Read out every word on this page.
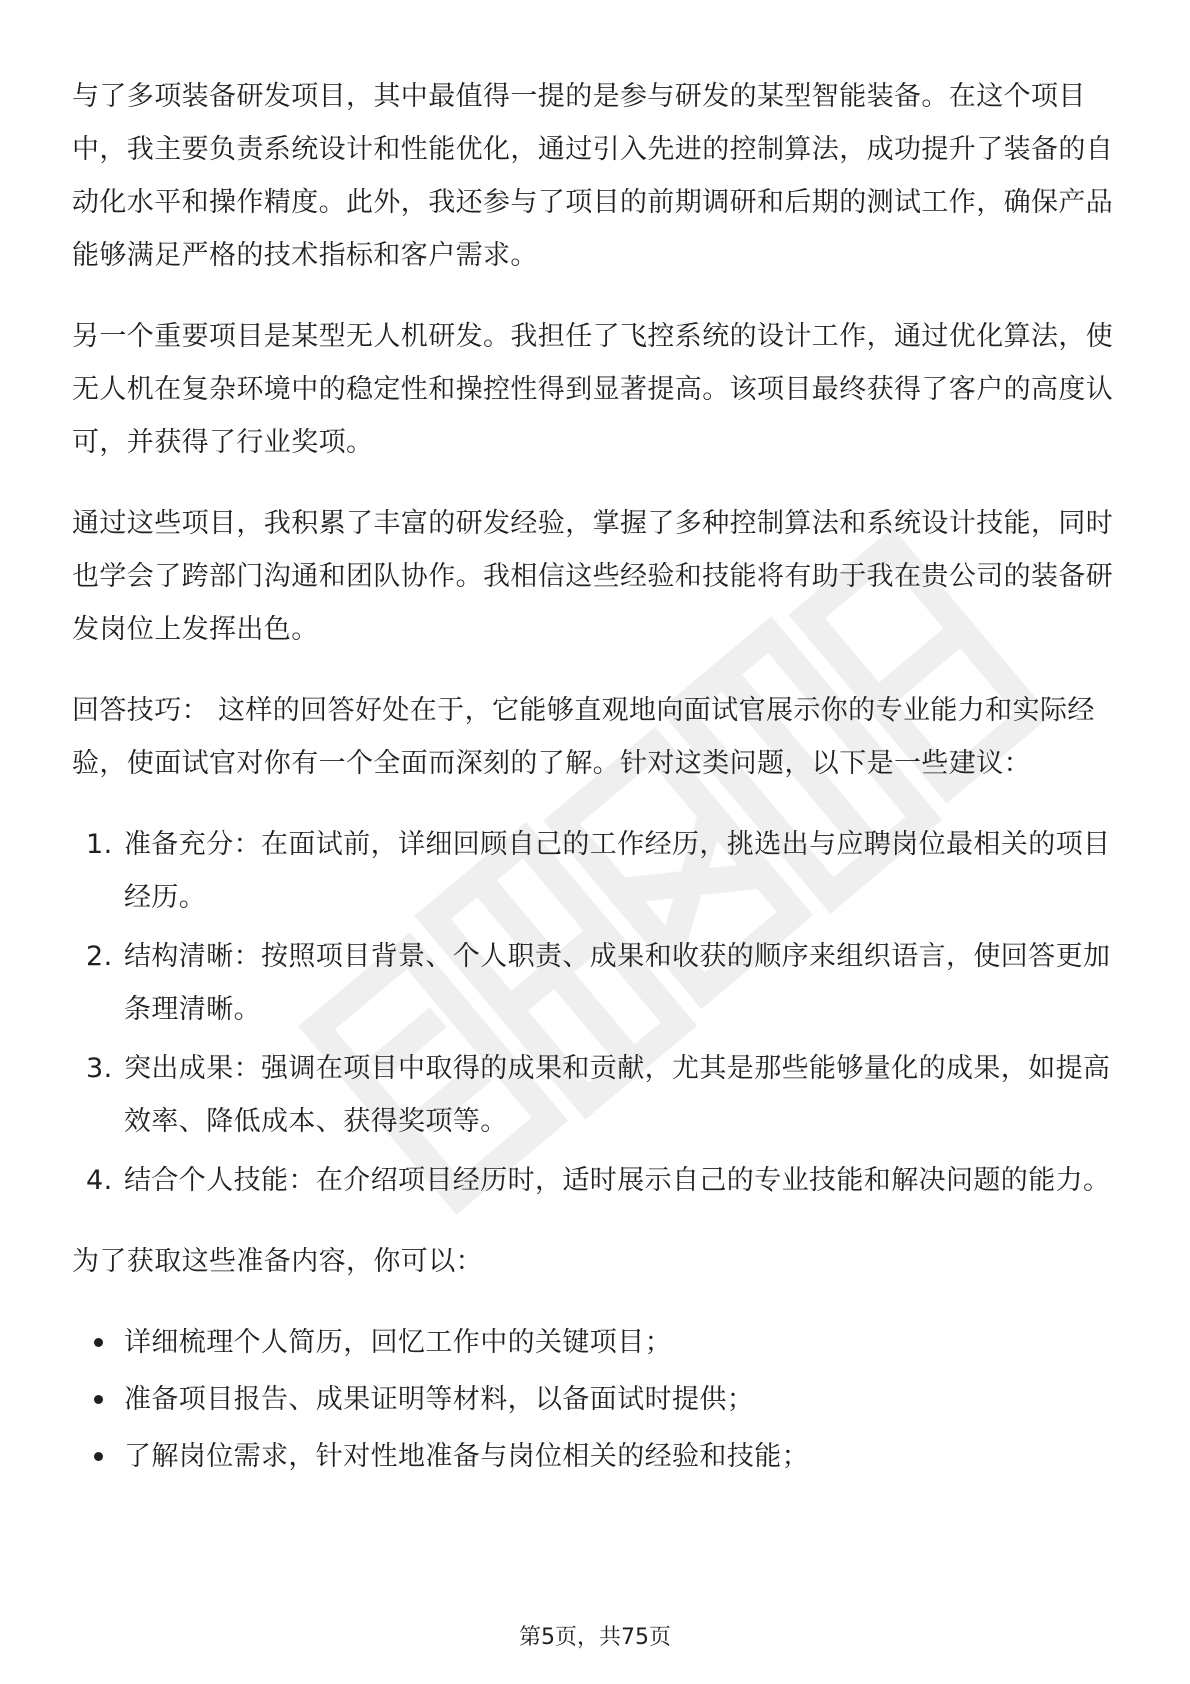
与了多项装备研发项目，其中最值得一提的是参与研发的某型智能装备。在这个项目中，我主要负责系统设计和性能优化，通过引入先进的控制算法，成功提升了装备的自动化水平和操作精度。此外，我还参与了项目的前期调研和后期的测试工作，确保产品能够满足严格的技术指标和客户需求。

另一个重要项目是某型无人机研发。我担任了飞控系统的设计工作，通过优化算法，使无人机在复杂环境中的稳定性和操控性得到显著提高。该项目最终获得了客户的高度认可，并获得了行业奖项。

通过这些项目，我积累了丰富的研发经验，掌握了多种控制算法和系统设计技能，同时也学会了跨部门沟通和团队协作。我相信这些经验和技能将有助于我在贵公司的装备研发岗位上发挥出色。

回答技巧： 这样的回答好处在于，它能够直观地向面试官展示你的专业能力和实际经验，使面试官对你有一个全面而深刻的了解。针对这类问题，以下是一些建议：

1. 准备充分：在面试前，详细回顾自己的工作经历，挑选出与应聘岗位最相关的项目经历。
2. 结构清晰：按照项目背景、个人职责、成果和收获的顺序来组织语言，使回答更加条理清晰。
3. 突出成果：强调在项目中取得的成果和贡献，尤其是那些能够量化的成果，如提高效率、降低成本、获得奖项等。
4. 结合个人技能：在介绍项目经历时，适时展示自己的专业技能和解决问题的能力。

为了获取这些准备内容，你可以：

详细梳理个人简历，回忆工作中的关键项目；
准备项目报告、成果证明等材料，以备面试时提供；
了解岗位需求，针对性地准备与岗位相关的经验和技能；
第5页，共75页
